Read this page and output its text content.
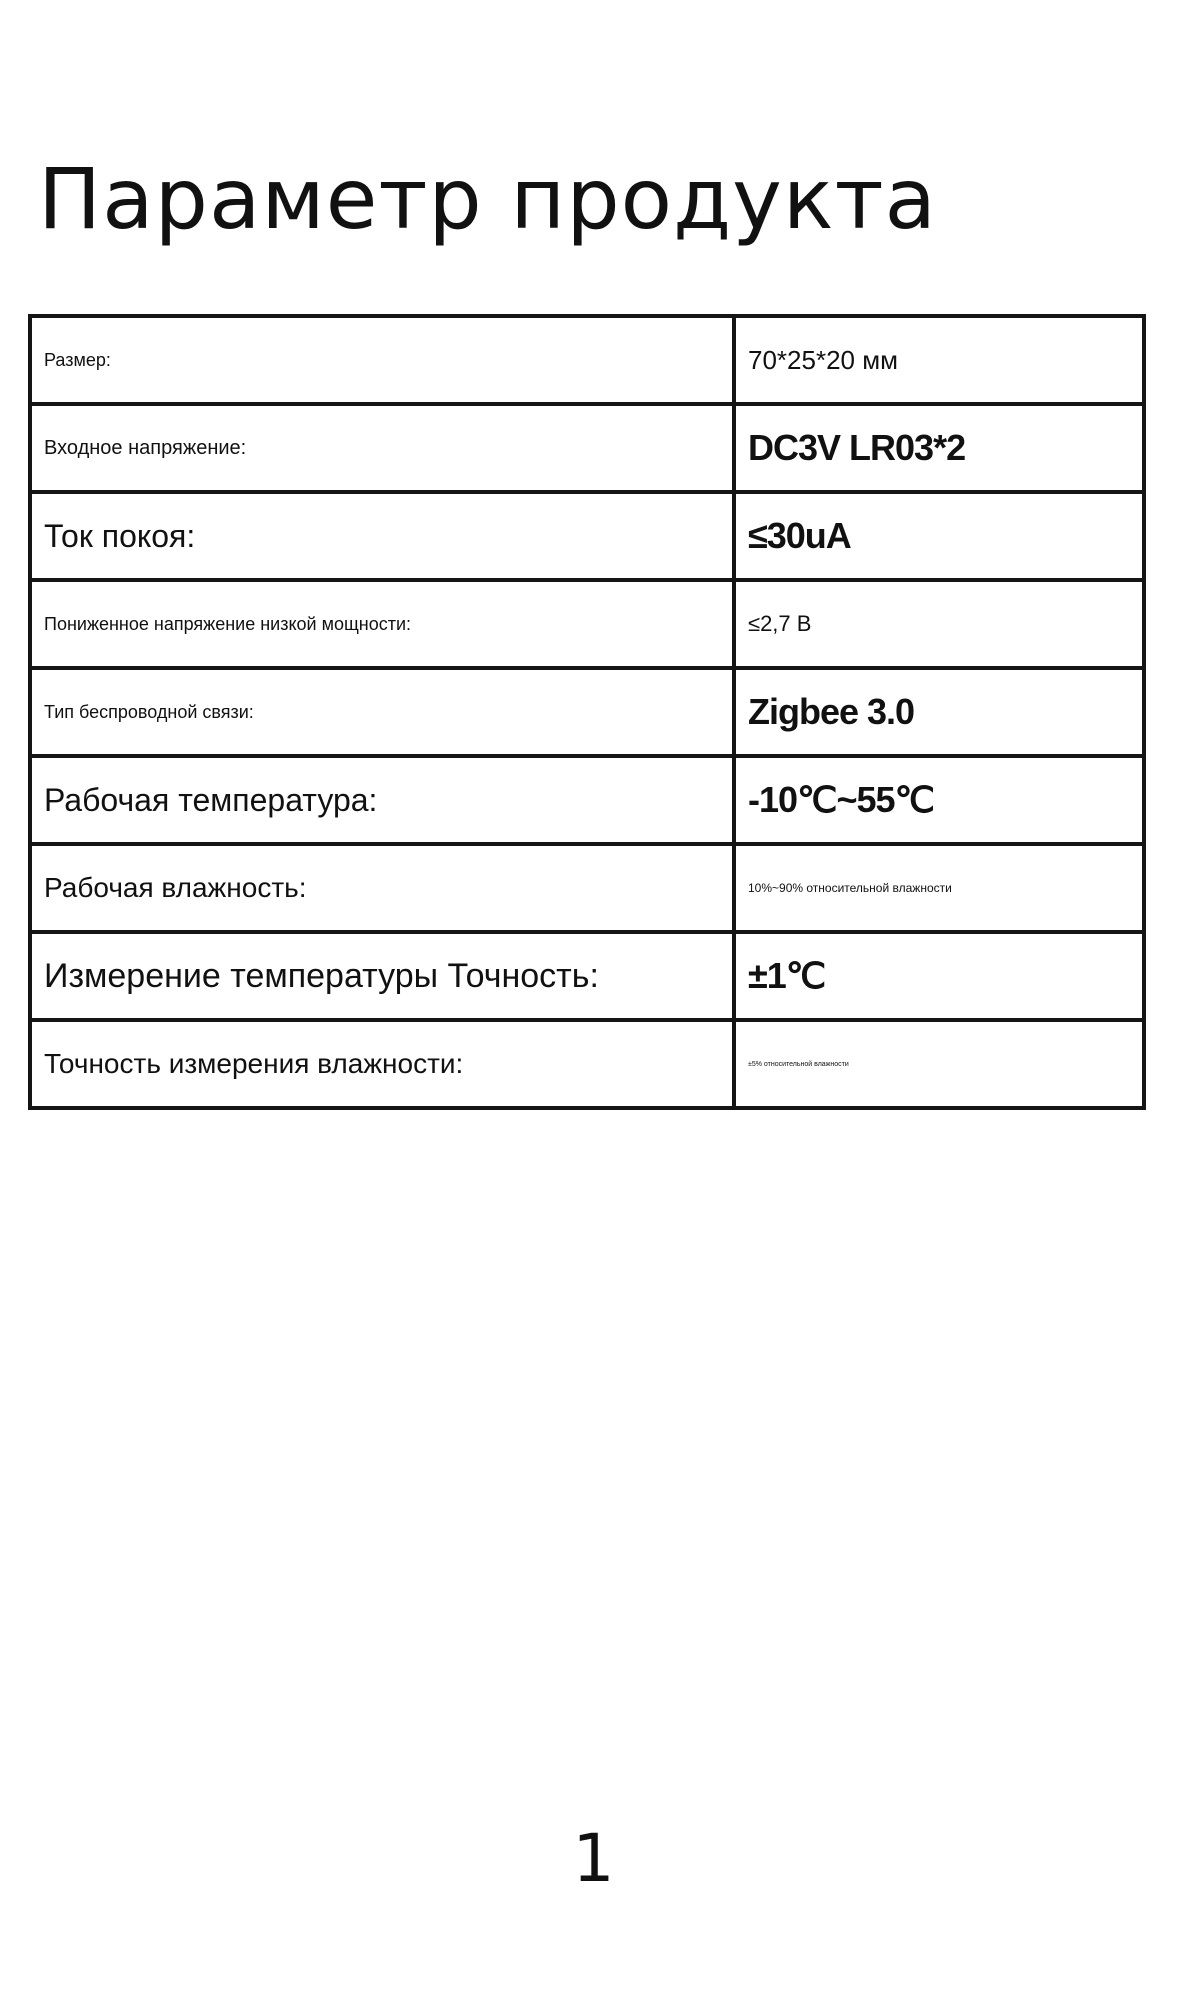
Параметр продукта
Размер:	70*25*20 мм
Входное напряжение:	DC3V LR03*2
Ток покоя:	≤30uA
Пониженное напряжение низкой мощности:	≤2,7 В
Тип беспроводной связи:	Zigbee 3.0
Рабочая температура:	-10℃~55℃
Рабочая влажность:	10%~90% относительной влажности
Измерение температуры Точность:	±1℃
Точность измерения влажности:	±5% относительной влажности
1
